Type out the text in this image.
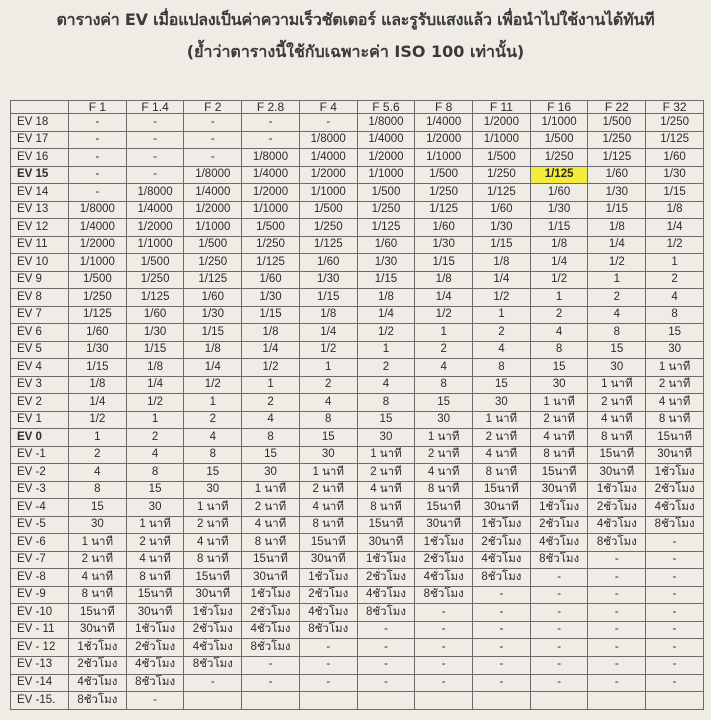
ตารางค่า EV เมื่อแปลงเป็นค่าความเร็วชัตเตอร์ และรูรับแสงแล้ว เพื่อนำไปใช้งานได้ทันที
(ย้ำว่าตารางนี้ใช้กับเฉพาะค่า ISO 100 เท่านั้น)
	F 1	F 1.4	F 2	F 2.8	F 4	F 5.6	F 8	F 11	F 16	F 22	F 32
EV 18	-	-	-	-	-	1/8000	1/4000	1/2000	1/1000	1/500	1/250
EV 17	-	-	-	-	1/8000	1/4000	1/2000	1/1000	1/500	1/250	1/125
EV 16	-	-	-	1/8000	1/4000	1/2000	1/1000	1/500	1/250	1/125	1/60
EV 15	-	-	1/8000	1/4000	1/2000	1/1000	1/500	1/250	1/125	1/60	1/30
EV 14	-	1/8000	1/4000	1/2000	1/1000	1/500	1/250	1/125	1/60	1/30	1/15
EV 13	1/8000	1/4000	1/2000	1/1000	1/500	1/250	1/125	1/60	1/30	1/15	1/8
EV 12	1/4000	1/2000	1/1000	1/500	1/250	1/125	1/60	1/30	1/15	1/8	1/4
EV 11	1/2000	1/1000	1/500	1/250	1/125	1/60	1/30	1/15	1/8	1/4	1/2
EV 10	1/1000	1/500	1/250	1/125	1/60	1/30	1/15	1/8	1/4	1/2	1
EV 9	1/500	1/250	1/125	1/60	1/30	1/15	1/8	1/4	1/2	1	2
EV 8	1/250	1/125	1/60	1/30	1/15	1/8	1/4	1/2	1	2	4
EV 7	1/125	1/60	1/30	1/15	1/8	1/4	1/2	1	2	4	8
EV 6	1/60	1/30	1/15	1/8	1/4	1/2	1	2	4	8	15
EV 5	1/30	1/15	1/8	1/4	1/2	1	2	4	8	15	30
EV 4	1/15	1/8	1/4	1/2	1	2	4	8	15	30	1 นาที
EV 3	1/8	1/4	1/2	1	2	4	8	15	30	1 นาที	2 นาที
EV 2	1/4	1/2	1	2	4	8	15	30	1 นาที	2 นาที	4 นาที
EV 1	1/2	1	2	4	8	15	30	1 นาที	2 นาที	4 นาที	8 นาที
EV 0	1	2	4	8	15	30	1 นาที	2 นาที	4 นาที	8 นาที	15นาที
EV -1	2	4	8	15	30	1 นาที	2 นาที	4 นาที	8 นาที	15นาที	30นาที
EV -2	4	8	15	30	1 นาที	2 นาที	4 นาที	8 นาที	15นาที	30นาที	1ชั่วโมง
EV -3	8	15	30	1 นาที	2 นาที	4 นาที	8 นาที	15นาที	30นาที	1ชั่วโมง	2ชั่วโมง
EV -4	15	30	1 นาที	2 นาที	4 นาที	8 นาที	15นาที	30นาที	1ชั่วโมง	2ชั่วโมง	4ชั่วโมง
EV -5	30	1 นาที	2 นาที	4 นาที	8 นาที	15นาที	30นาที	1ชั่วโมง	2ชั่วโมง	4ชั่วโมง	8ชั่วโมง
EV -6	1 นาที	2 นาที	4 นาที	8 นาที	15นาที	30นาที	1ชั่วโมง	2ชั่วโมง	4ชั่วโมง	8ชั่วโมง	-
EV -7	2 นาที	4 นาที	8 นาที	15นาที	30นาที	1ชั่วโมง	2ชั่วโมง	4ชั่วโมง	8ชั่วโมง	-	-
EV -8	4 นาที	8 นาที	15นาที	30นาที	1ชั่วโมง	2ชั่วโมง	4ชั่วโมง	8ชั่วโมง	-	-	-
EV -9	8 นาที	15นาที	30นาที	1ชั่วโมง	2ชั่วโมง	4ชั่วโมง	8ชั่วโมง	-	-	-	-
EV -10	15นาที	30นาที	1ชั่วโมง	2ชั่วโมง	4ชั่วโมง	8ชั่วโมง	-	-	-	-	-
EV - 11	30นาที	1ชั่วโมง	2ชั่วโมง	4ชั่วโมง	8ชั่วโมง	-	-	-	-	-	-
EV - 12	1ชั่วโมง	2ชั่วโมง	4ชั่วโมง	8ชั่วโมง	-	-	-	-	-	-	-
EV -13	2ชั่วโมง	4ชั่วโมง	8ชั่วโมง	-	-	-	-	-	-	-	-
EV -14	4ชั่วโมง	8ชั่วโมง	-	-	-	-	-	-	-	-	-
EV -15.	8ชั่วโมง	-									
